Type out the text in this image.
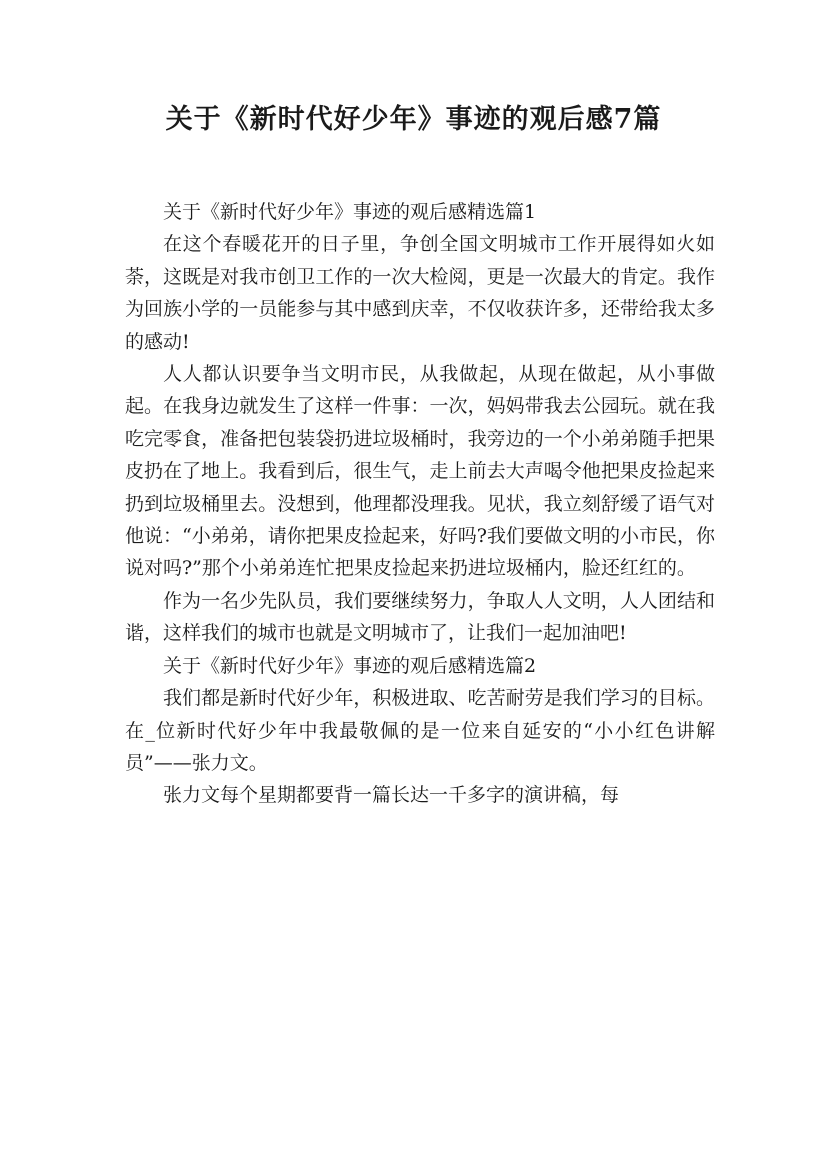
关于《新时代好少年》事迹的观后感7篇

关于《新时代好少年》事迹的观后感精选篇1

在这个春暖花开的日子里，争创全国文明城市工作开展得如火如荼，这既是对我市创卫工作的一次大检阅，更是一次最大的肯定。我作为回族小学的一员能参与其中感到庆幸，不仅收获许多，还带给我太多的感动!

人人都认识要争当文明市民，从我做起，从现在做起，从小事做起。在我身边就发生了这样一件事：一次，妈妈带我去公园玩。就在我吃完零食，准备把包装袋扔进垃圾桶时，我旁边的一个小弟弟随手把果皮扔在了地上。我看到后，很生气，走上前去大声喝令他把果皮捡起来扔到垃圾桶里去。没想到，他理都没理我。见状，我立刻舒缓了语气对他说：“小弟弟，请你把果皮捡起来，好吗?我们要做文明的小市民，你说对吗?”那个小弟弟连忙把果皮捡起来扔进垃圾桶内，脸还红红的。

作为一名少先队员，我们要继续努力，争取人人文明，人人团结和谐，这样我们的城市也就是文明城市了，让我们一起加油吧!

关于《新时代好少年》事迹的观后感精选篇2

我们都是新时代好少年，积极进取、吃苦耐劳是我们学习的目标。在_位新时代好少年中我最敬佩的是一位来自延安的“小小红色讲解员”——张力文。

张力文每个星期都要背一篇长达一千多字的演讲稿，每
